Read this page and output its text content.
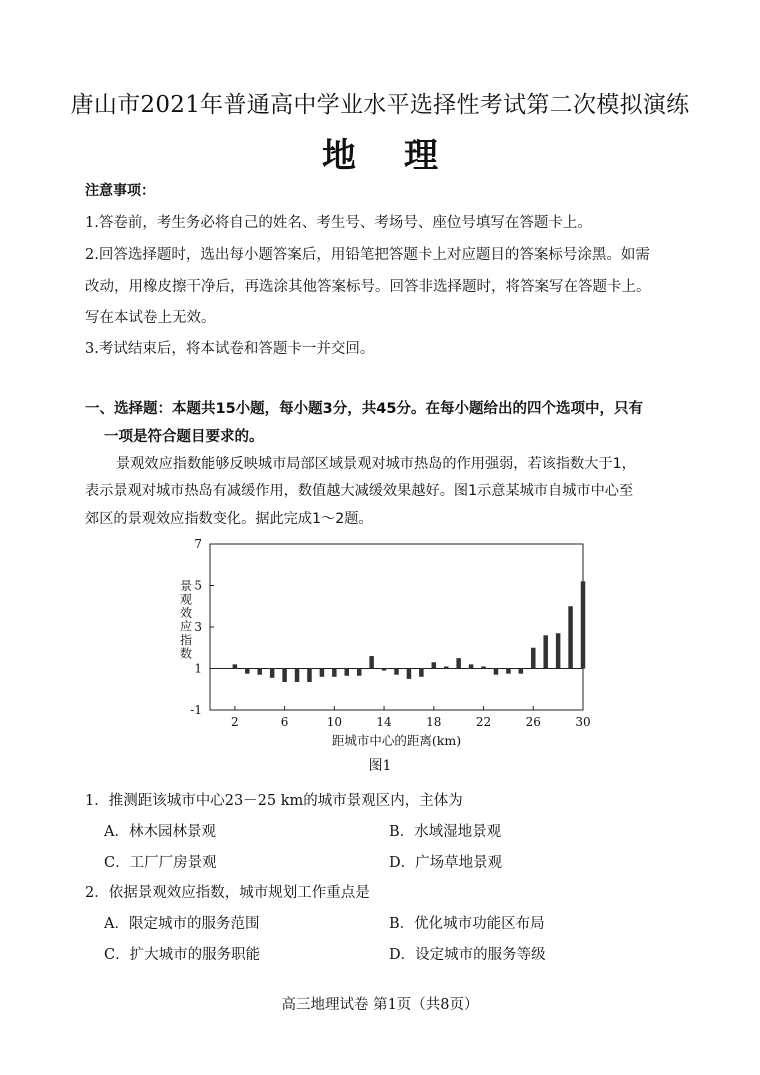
唐山市2021年普通高中学业水平选择性考试第二次模拟演练
地理
注意事项：
1.答卷前，考生务必将自己的姓名、考生号、考场号、座位号填写在答题卡上。
2.回答选择题时，选出每小题答案后，用铅笔把答题卡上对应题目的答案标号涂黑。如需
改动，用橡皮擦干净后，再选涂其他答案标号。回答非选择题时，将答案写在答题卡上。
写在本试卷上无效。
3.考试结束后，将本试卷和答题卡一并交回。
一、选择题：本题共15小题，每小题3分，共45分。在每小题给出的四个选项中，只有
一项是符合题目要求的。
景观效应指数能够反映城市局部区域景观对城市热岛的作用强弱，若该指数大于1，
表示景观对城市热岛有减缓作用，数值越大减缓效果越好。图1示意某城市自城市中心至
郊区的景观效应指数变化。据此完成1～2题。
7
5
3
1
-1
2	6	10	14	18	22	26	30
距城市中心的距离(km)
景
观
效
应
指
数
图1
1．推测距该城市中心23－25 km的城市景观区内，主体为
A．林木园林景观	B．水域湿地景观
C．工厂厂房景观	D．广场草地景观
2．依据景观效应指数，城市规划工作重点是
A．限定城市的服务范围	B．优化城市功能区布局
C．扩大城市的服务职能	D．设定城市的服务等级
高三地理试卷 第1页（共8页）
